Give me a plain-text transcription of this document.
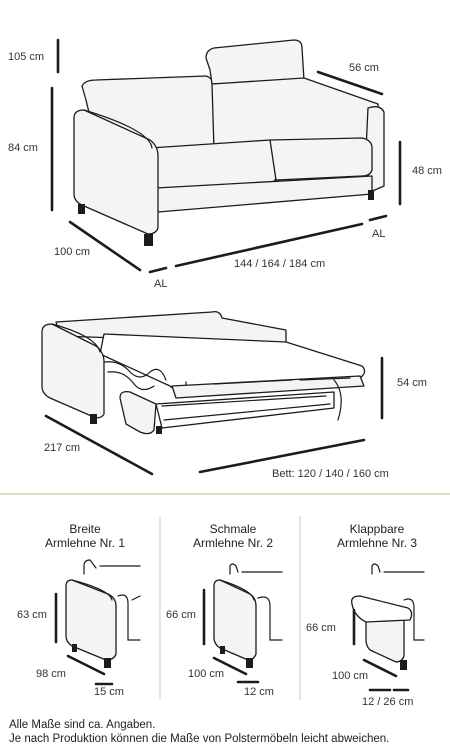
105 cm
84 cm
48 cm
56 cm
100 cm
144 / 164 / 184 cm
AL
AL
54 cm
217 cm
Bett: 120 / 140 / 160 cm
Breite
Armlehne Nr. 1
Schmale
Armlehne Nr. 2
Klappbare
Armlehne Nr. 3
63 cm
98 cm
15 cm
66 cm
100 cm
12 cm
66 cm
100 cm
12 / 26 cm
Alle Maße sind ca. Angaben.
Je nach Produktion können die Maße von Polstermöbeln leicht abweichen.
